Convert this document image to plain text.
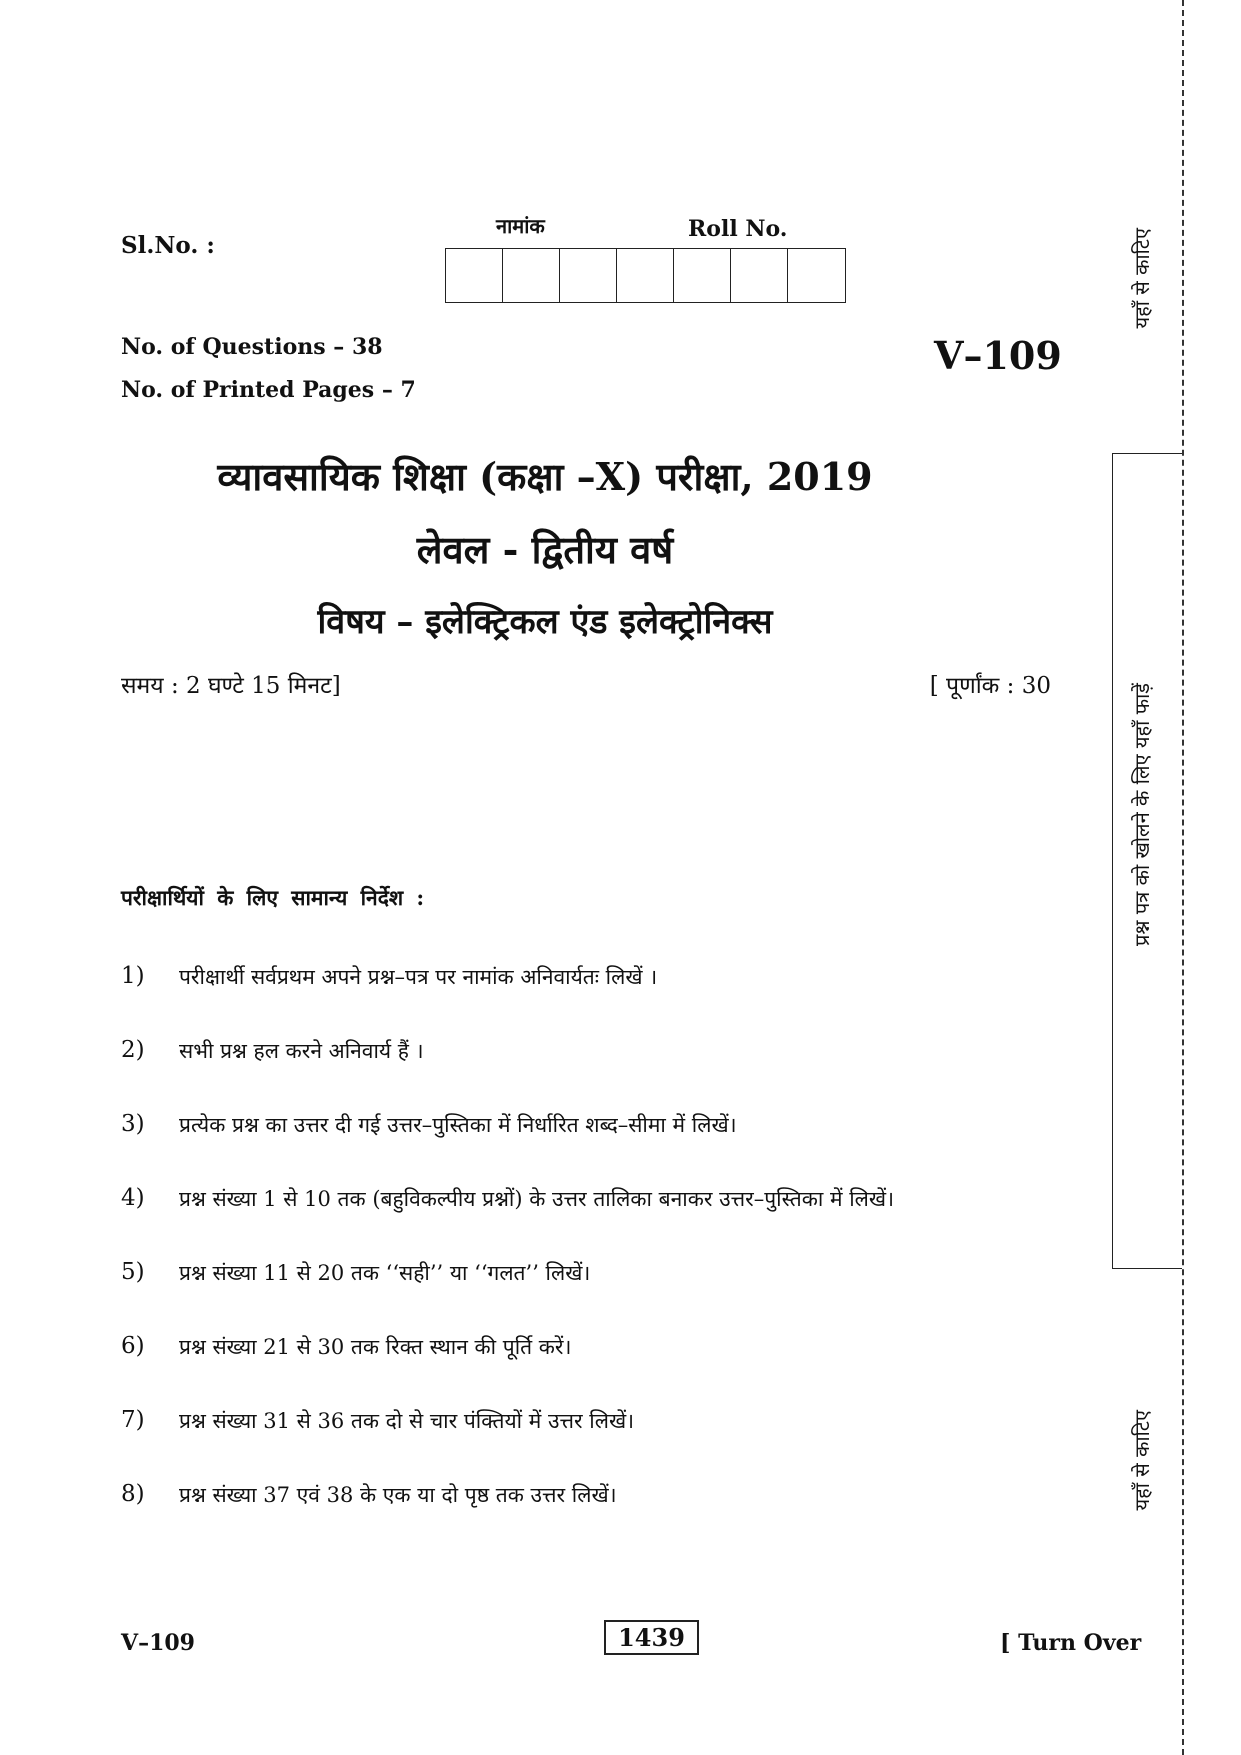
Sl.No. :
नामांक	Roll No.
No. of Questions – 38
No. of Printed Pages – 7
V–109
व्यावसायिक शिक्षा (कक्षा –X) परीक्षा, 2019
लेवल - द्वितीय वर्ष
विषय – इलेक्ट्रिकल एंड इलेक्ट्रोनिक्स
समय : 2 घण्टे 15 मिनट]	[ पूर्णांक : 30
परीक्षार्थियों के लिए सामान्य निर्देश :
1)	परीक्षार्थी सर्वप्रथम अपने प्रश्न–पत्र पर नामांक अनिवार्यतः लिखें ।
2)	सभी प्रश्न हल करने अनिवार्य हैं ।
3)	प्रत्येक प्रश्न का उत्तर दी गई उत्तर–पुस्तिका में निर्धारित शब्द–सीमा में लिखें।
4)	प्रश्न संख्या 1 से 10 तक (बहुविकल्पीय प्रश्नों) के उत्तर तालिका बनाकर उत्तर–पुस्तिका में लिखें।
5)	प्रश्न संख्या 11 से 20 तक ‘‘सही’’ या ‘‘गलत’’ लिखें।
6)	प्रश्न संख्या 21 से 30 तक रिक्त स्थान की पूर्ति करें।
7)	प्रश्न संख्या 31 से 36 तक दो से चार पंक्तियों में उत्तर लिखें।
8)	प्रश्न संख्या 37 एवं 38 के एक या दो पृष्ठ तक उत्तर लिखें।
V–109	1439	[ Turn Over
यहाँ से काटिए
प्रश्न पत्र को खोलने के लिए यहाँ फाड़ें
यहाँ से काटिए
